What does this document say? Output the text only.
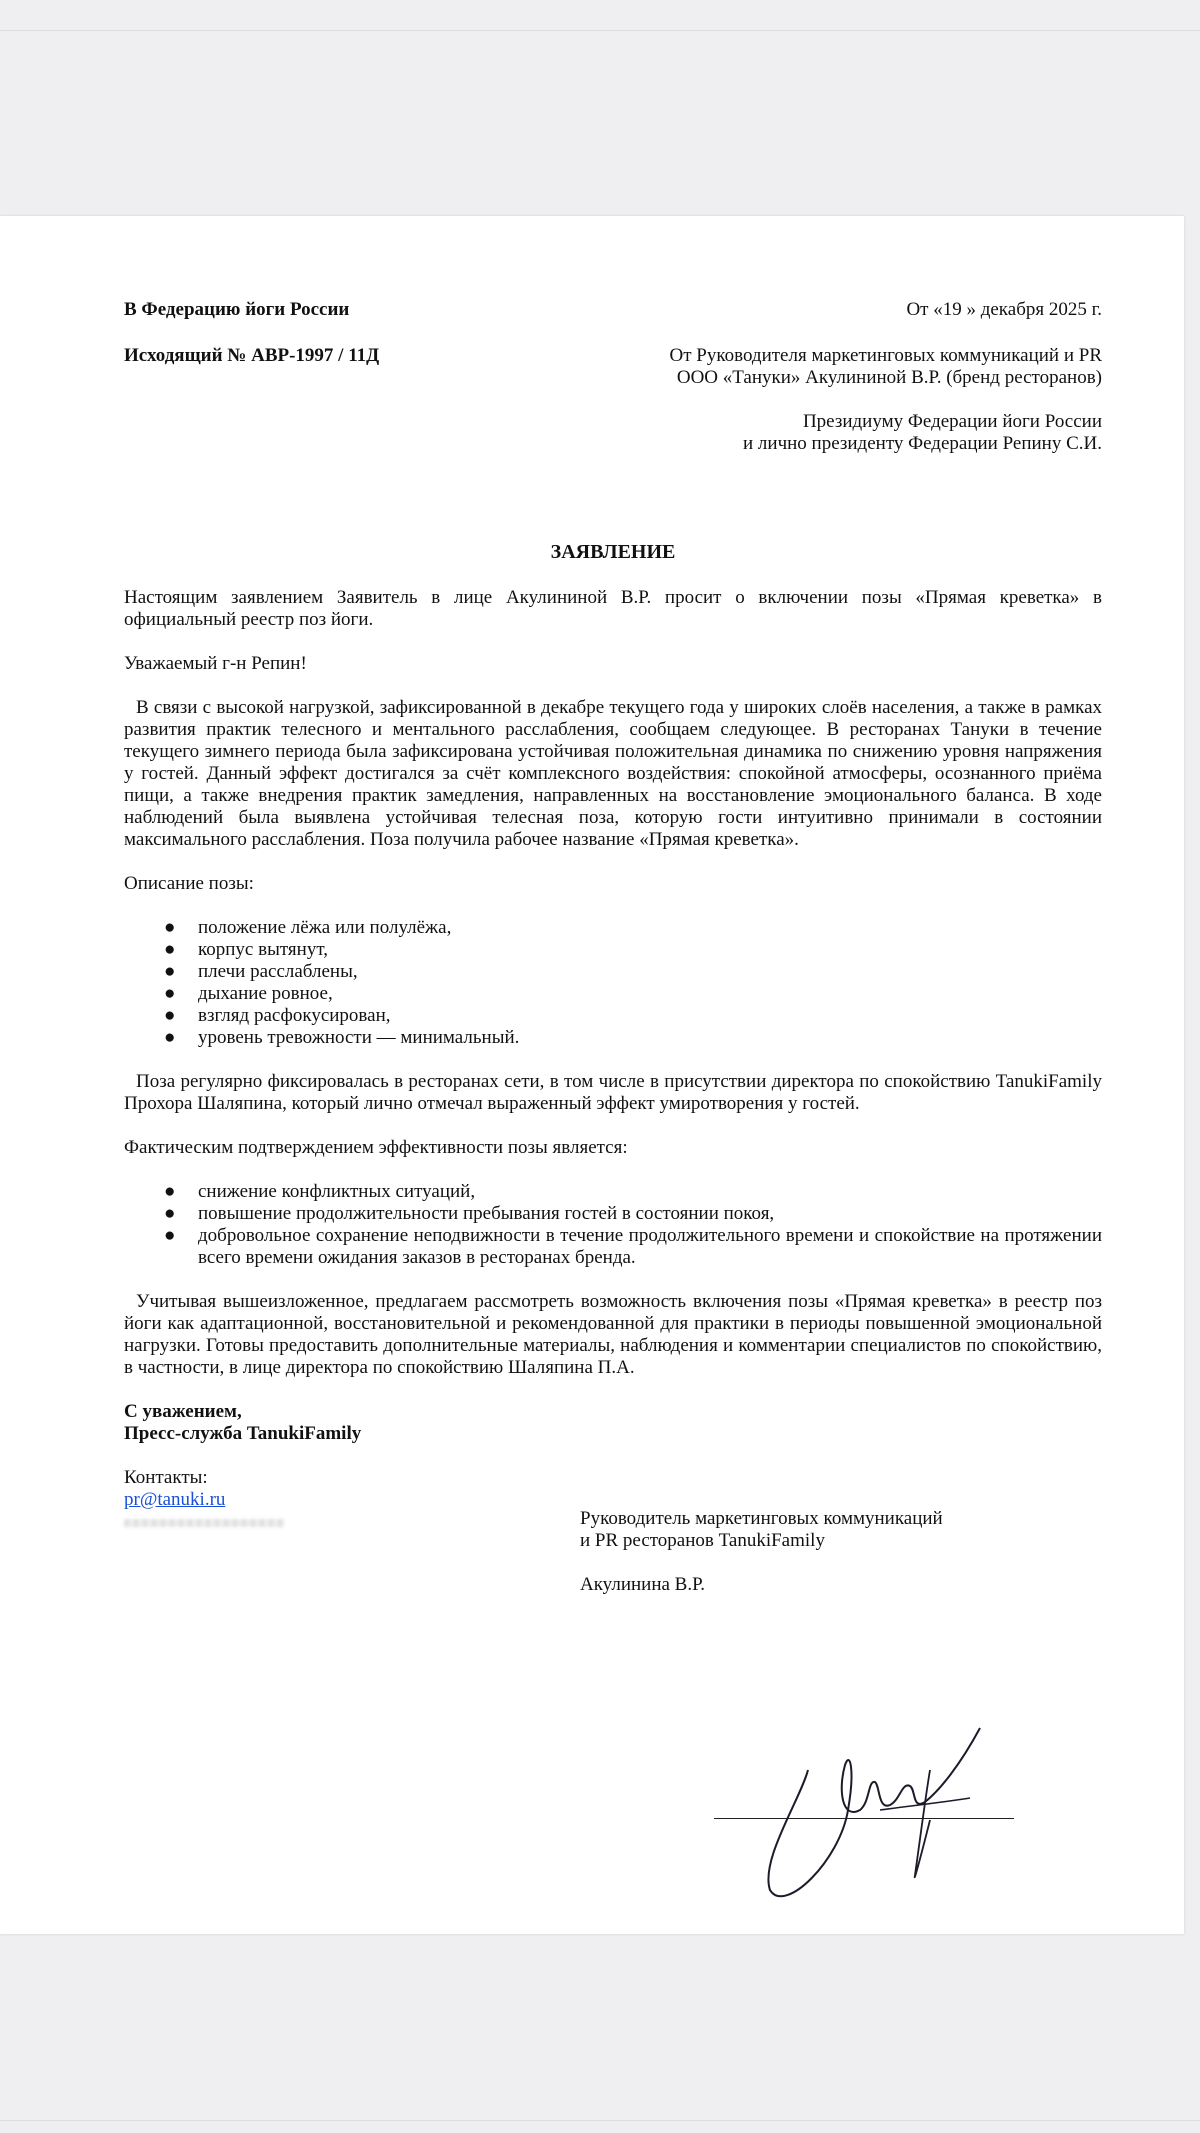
В Федерацию йоги России	От «19 » декабря 2025 г.
Исходящий № АВР-1997 / 11Д	От Руководителя маркетинговых коммуникаций и PR
ООО «Тануки» Акулининой В.Р. (бренд ресторанов)
Президиуму Федерации йоги России
и лично президенту Федерации Репину С.И.
ЗАЯВЛЕНИЕ

Настоящим заявлением Заявитель в лице Акулининой В.Р. просит о включении позы «Прямая креветка» в официальный реестр поз йоги.

Уважаемый г-н Репин!

В связи с высокой нагрузкой, зафиксированной в декабре текущего года у широких слоёв населения, а также в рамках развития практик телесного и ментального расслабления, сообщаем следующее. В ресторанах Тануки в течение текущего зимнего периода была зафиксирована устойчивая положительная динамика по снижению уровня напряжения у гостей. Данный эффект достигался за счёт комплексного воздействия: спокойной атмосферы, осознанного приёма пищи, а также внедрения практик замедления, направленных на восстановление эмоционального баланса. В ходе наблюдений была выявлена устойчивая телесная поза, которую гости интуитивно принимали в состоянии максимального расслабления. Поза получила рабочее название «Прямая креветка».

Описание позы:

● положение лёжа или полулёжа,
● корпус вытянут,
● плечи расслаблены,
● дыхание ровное,
● взгляд расфокусирован,
● уровень тревожности — минимальный.

Поза регулярно фиксировалась в ресторанах сети, в том числе в присутствии директора по спокойствию TanukiFamily Прохора Шаляпина, который лично отмечал выраженный эффект умиротворения у гостей.

Фактическим подтверждением эффективности позы является:

● снижение конфликтных ситуаций,
● повышение продолжительности пребывания гостей в состоянии покоя,
● добровольное сохранение неподвижности в течение продолжительного времени и спокойствие на протяжении всего времени ожидания заказов в ресторанах бренда.

Учитывая вышеизложенное, предлагаем рассмотреть возможность включения позы «Прямая креветка» в реестр поз йоги как адаптационной, восстановительной и рекомендованной для практики в периоды повышенной эмоциональной нагрузки. Готовы предоставить дополнительные материалы, наблюдения и комментарии специалистов по спокойствию, в частности, в лице директора по спокойствию Шаляпина П.А.

С уважением,
Пресс-служба TanukiFamily
Контакты:
pr@tanuki.ru
Руководитель маркетинговых коммуникаций
и PR ресторанов TanukiFamily
Акулинина В.Р.
